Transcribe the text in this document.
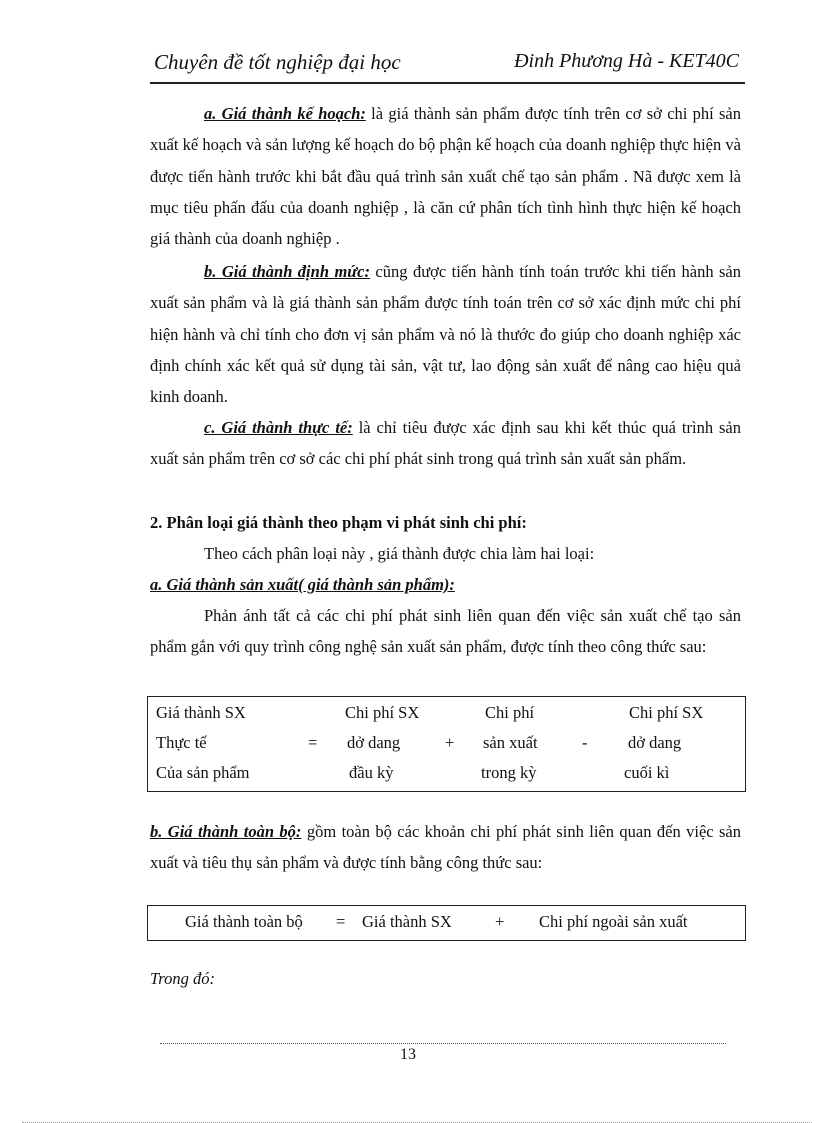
Chuyên đề tốt nghiệp đại học	Đinh Phương Hà - KET40C

a. Giá thành kế hoạch: là giá thành sản phẩm được tính trên cơ sở chi phí sản xuất kế hoạch và sản lượng kế hoạch do bộ phận kế hoạch của doanh nghiệp thực hiện và được tiến hành trước khi bắt đầu quá trình sản xuất chế tạo sản phẩm . Nã được xem là mục tiêu phấn đấu của doanh nghiệp , là căn cứ phân tích tình hình thực hiện kế hoạch giá thành của doanh nghiệp .

b. Giá thành định mức: cũng được tiến hành tính toán trước khi tiến hành sản xuất sản phẩm và là giá thành sản phẩm được tính toán trên cơ sở xác định mức chi phí hiện hành và chỉ tính cho đơn vị sản phẩm và nó là thước đo giúp cho doanh nghiệp xác định chính xác kết quả sử dụng tài sản, vật tư, lao động sản xuất để nâng cao hiệu quả kinh doanh.

c. Giá thành thực tế: là chỉ tiêu được xác định sau khi kết thúc quá trình sản xuất sản phẩm trên cơ sở các chi phí phát sinh trong quá trình sản xuất sản phẩm.

2. Phân loại giá thành theo phạm vi phát sinh chi phí:

Theo cách phân loại này , giá thành được chia làm hai loại:

a. Giá thành sản xuất( giá thành sản phẩm):

Phản ánh tất cả các chi phí phát sinh liên quan đến việc sản xuất chế tạo sản phẩm gắn với quy trình công nghệ sản xuất sản phẩm, được tính theo công thức sau:

Giá thành SX
Thực tế
Của sản phẩm
=
Chi phí SX
dở dang
đầu kỳ
+
Chi phí
sản xuất
trong kỳ
-
Chi phí SX
dở dang
cuối kì

b. Giá thành toàn bộ: gồm toàn bộ các khoản chi phí phát sinh liên quan đến việc sản xuất và tiêu thụ sản phẩm và được tính bằng công thức sau:

Giá thành toàn bộ = Giá thành SX	+ Chi phí ngoài sản xuất
Trong đó:
13
